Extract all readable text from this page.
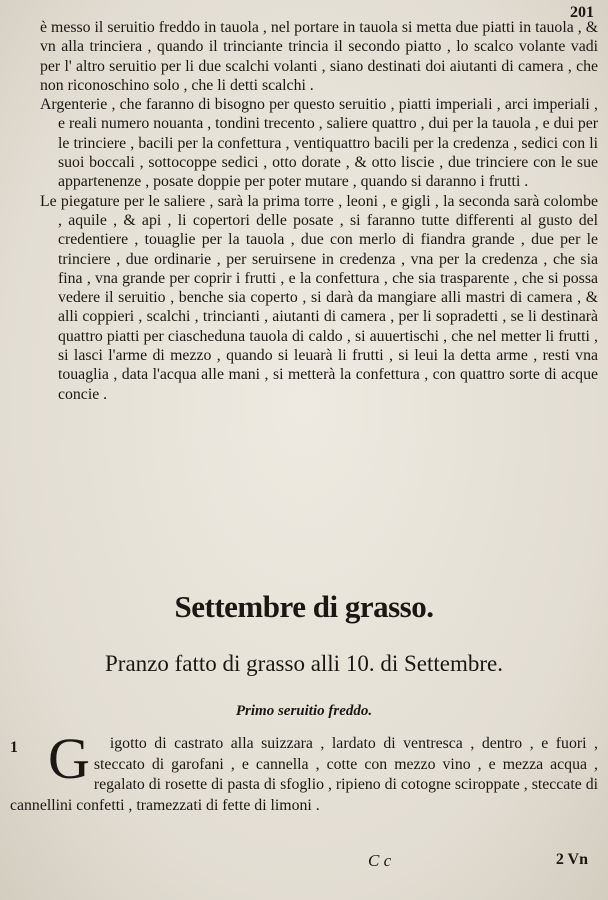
201

è messo il seruitio freddo in tauola , nel portare in tauola si metta due piatti in tauola , & vn alla trinciera , quando il trinciante trincia il secondo piatto , lo scalco volante vadi per l' altro seruitio per li due scalchi volanti , siano destinati doi aiutanti di camera , che non riconoschino solo , che li detti scalchi .

Argenterie , che faranno di bisogno per questo seruitio , piatti imperiali , arci imperiali , e reali numero nouanta , tondini trecento , saliere quattro , dui per la tauola , e dui per le trinciere , bacili per la confettura , ventiquattro bacili per la credenza , sedici con li suoi boccali , sottocoppe sedici , otto dorate , & otto liscie , due trinciere con le sue appartenenze , posate doppie per poter mutare , quando si daranno i frutti .

Le piegature per le saliere , sarà la prima torre , leoni , e gigli , la seconda sarà colombe , aquile , & api , li copertori delle posate , si faranno tutte differenti al gusto del credentiere , touaglie per la tauola , due con merlo di fiandra grande , due per le trinciere , due ordinarie , per seruirsene in credenza , vna per la credenza , che sia fina , vna grande per coprir i frutti , e la confettura , che sia trasparente , che si possa vedere il seruitio , benche sia coperto , si darà da mangiare alli mastri di camera , & alli coppieri , scalchi , trincianti , aiutanti di camera , per li sopradetti , se li destinarà quattro piatti per ciascheduna tauola di caldo , si auuertischi , che nel metter li frutti , si lasci l'arme di mezzo , quando si leuarà li frutti , si leui la detta arme , resti vna touaglia , data l'acqua alle mani , si metterà la confettura , con quattro sorte di acque concie .

Settembre di grasso.
Pranzo fatto di grasso alli 10. di Settembre.
Primo seruitio freddo.
1 G igotto di castrato alla suizzara , lardato di ventresca , dentro , e fuori , steccato di garofani , e cannella , cotte con mezzo vino , e mezza acqua , regalato di rosette di pasta di sfoglio , ripieno di cotogne sciroppate , steccate di cannellini confetti , tramezzati di fette di limoni .
C c	2 Vn
